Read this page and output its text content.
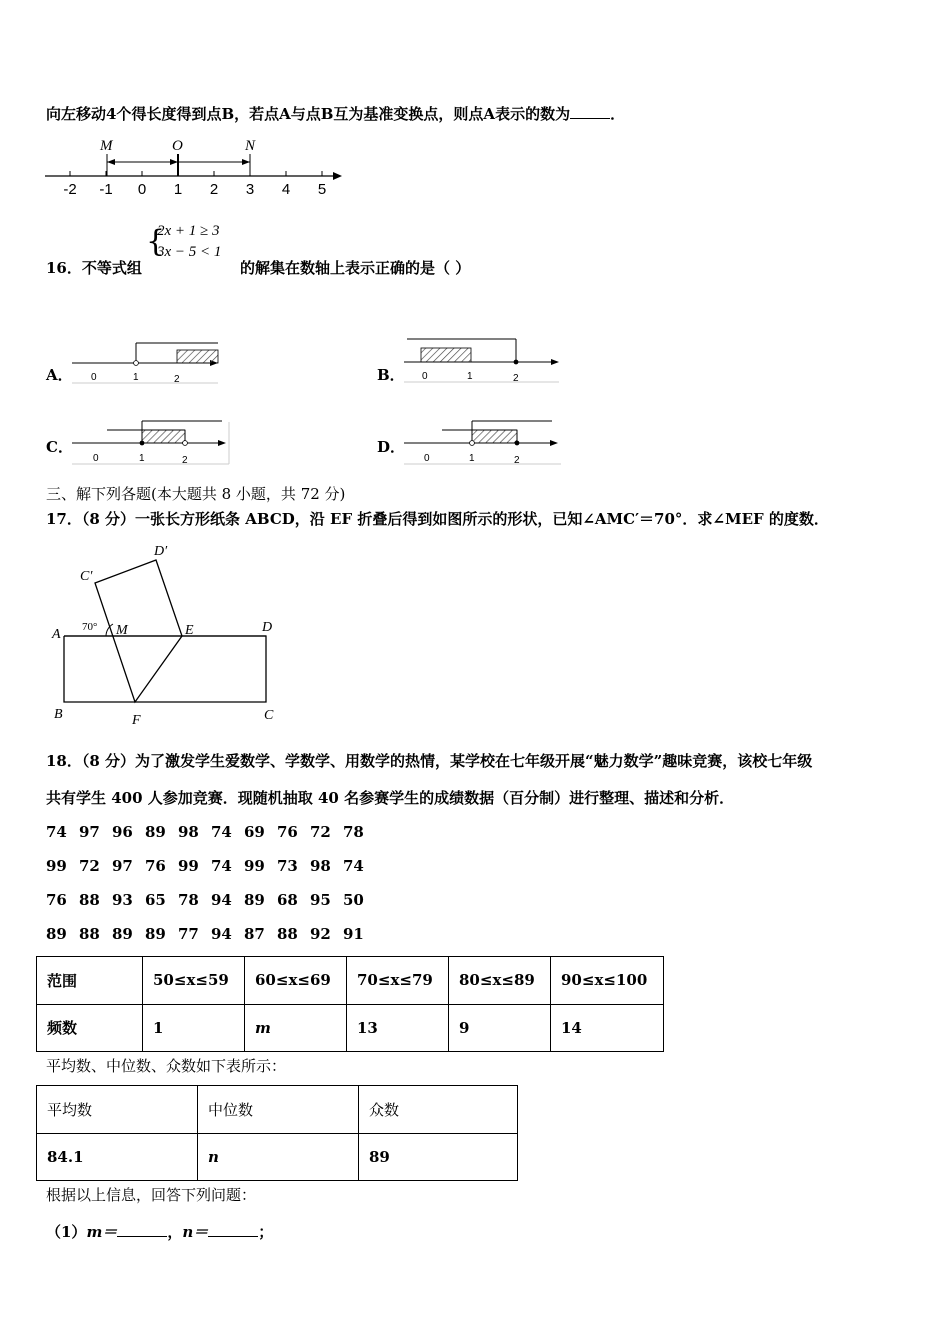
向左移动4个得长度得到点B，若点A与点B互为基准变换点，则点A表示的数为	．
M	O	N
-2 -1 0 1 2 3 4 5
16．不等式组
{
2x + 1 ≥ 3
3x − 5 < 1
的解集在数轴上表示正确的是（ ）
A． 0	1	2	B． 0	1	2
C．
0	1	2
D．
0	1	2
三、解下列各题(本大题共 8 小题，共 72 分)
17．（8 分）一张长方形纸条 ABCD，沿 EF 折叠后得到如图所示的形状，已知∠AMC′＝70°．求∠MEF 的度数．
A
B	C
D
E
F
M
C′
D′
70°
18．（8 分）为了激发学生爱数学、学数学、用数学的热情，某学校在七年级开展“魅力数学”趣味竞赛，该校七年级
共有学生 400 人参加竞赛．现随机抽取 40 名参赛学生的成绩数据（百分制）进行整理、描述和分析．
74 97 96 89 98 74 69 76 72 78
99 72 97 76 99 74 99 73 98 74
76 88 93 65 78 94 89 68 95 50
89 88 89 89 77 94 87 88 92 91
范围	50≤x≤59	60≤x≤69	70≤x≤79	80≤x≤89	90≤x≤100
频数	1	m	13	9	14
平均数、中位数、众数如下表所示：
平均数	中位数	众数
84.1	n	89
根据以上信息，回答下列问题：
（1）m＝	，n＝	；
